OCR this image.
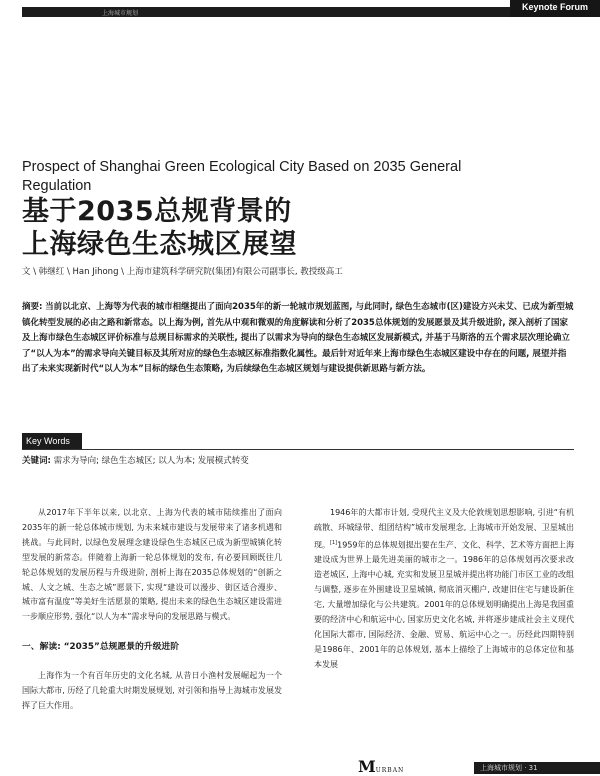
上海城市规划
Keynote Forum
Prospect of Shanghai Green Ecological City Based on 2035 General Regulation
基于2035总规背景的
上海绿色生态城区展望
文 \ 韩继红 \ Han Jihong \ 上海市建筑科学研究院(集团)有限公司副事长, 教授级高工
摘要: 当前以北京、上海等为代表的城市相继提出了面向2035年的新一轮城市规划蓝图, 与此同时, 绿色生态城市(区)建设方兴未艾、已成为新型城镇化转型发展的必由之路和新常态。以上海为例, 首先从中观和微观的角度解读和分析了2035总体规划的发展愿景及其升级进阶, 深入剖析了国家及上海市绿色生态城区评价标准与总规目标需求的关联性, 提出了以需求为导向的绿色生态城区发展新模式, 并基于马斯洛的五个需求层次理论确立了“以人为本”的需求导向关键目标及其所对应的绿色生态城区标准指数化属性。最后针对近年来上海市绿色生态城区建设中存在的问题, 展望并指出了未来实现新时代“以人为本”目标的绿色生态策略, 为后续绿色生态城区规划与建设提供新思路与新方法。
Key Words
关键词: 需求为导向; 绿色生态城区; 以人为本; 发展模式转变

从2017年下半年以来, 以北京、上海为代表的城市陆续推出了面向2035年的新一轮总体城市规划, 为未来城市建设与发展带来了诸多机遇和挑战。与此同时, 以绿色发展理念建设绿色生态城区已成为新型城镇化转型发展的新常态。伴随着上海新一轮总体规划的发布, 有必要回顾既往几轮总体规划的发展历程与升级进阶, 剖析上海在2035总体规划的“创新之城、人文之城、生态之城”愿景下, 实现“建设可以漫步、街区适合漫步、城市富有温度”等美好生活愿景的策略, 提出未来的绿色生态城区建设需进一步顺应形势, 强化“以人为本”需求导向的发展思路与模式。

一、解读: “2035”总规愿景的升级进阶

上海作为一个有百年历史的文化名城, 从昔日小渔村发展崛起为一个国际大都市, 历经了几轮重大时期发展规划, 对引领和指导上海城市发展发挥了巨大作用。

1946年的大都市计划, 受现代主义及大伦敦规划思想影响, 引进“有机疏散、环城绿带、组团结构”城市发展理念, 上海城市开始发展、卫星城出现。[1]1959年的总体规划提出要在生产、文化、科学、艺术等方面把上海建设成为世界上最先进美丽的城市之一。1986年的总体规划再次要求改造老城区, 上海中心城, 充实和发展卫星城并提出将功能门市区工业的改组与调整, 逐步在外围建设卫星城镇, 彻底消灭棚户, 改建旧住宅与建设新住宅, 大量增加绿化与公共建筑。2001年的总体规划明确提出上海是我国重要的经济中心和航运中心, 国家历史文化名城, 并将逐步建成社会主义现代化国际大都市, 国际经济、金融、贸易、航运中心之一。历经此四期特别是1986年、2001年的总体规划, 基本上描绘了上海城市的总体定位和基本发展

MURBAN	上海城市规划 · 31
